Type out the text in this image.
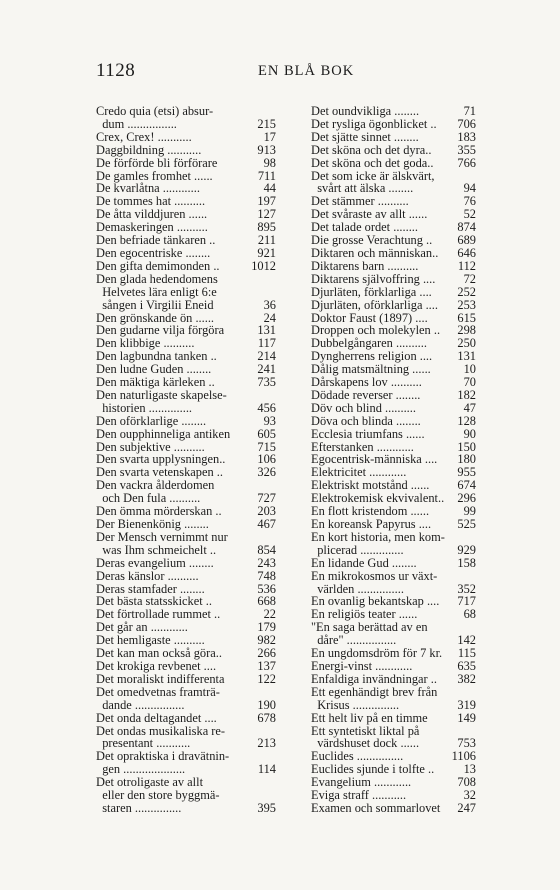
1128	EN BLÅ BOK
Credo quia (etsi) absur-
dum ................	215
Crex, Crex! ...........	17
Daggbildning ...........	913
De förförde bli förförare	98
De gamles fromhet ......	711
De kvarlåtna ............	44
De tommes hat ..........	197
De åtta vilddjuren ......	127
Demaskeringen ..........	895
Den befriade tänkaren ..	211
Den egocentriske ........	921
Den gifta demimonden ..	1012
Den glada hedendomens
Helvetes lära enligt 6:e
sången i Virgilii Eneid	36
Den grönskande ön ......	24
Den gudarne vilja förgöra	131
Den klibbige ..........	117
Den lagbundna tanken ..	214
Den ludne Guden ........	241
Den mäktiga kärleken ..	735
Den naturligaste skapelse-
historien ..............	456
Den oförklarlige ........	93
Den oupphinneliga antiken	605
Den subjektive ..........	715
Den svarta upplysningen..	106
Den svarta vetenskapen ..	326
Den vackra ålderdomen
och Den fula ..........	727
Den ömma mörderskan ..	203
Der Bienenkönig ........	467
Der Mensch vernimmt nur
was Ihm schmeichelt ..	854
Deras evangelium ........	243
Deras känslor ..........	748
Deras stamfader ........	536
Det bästa statsskicket ..	668
Det förtrollade rummet ..	22
Det går an ............	179
Det hemligaste ..........	982
Det kan man också göra..	266
Det krokiga revbenet ....	137
Det moraliskt indifferenta	122
Det omedvetnas framträ-
dande ................	190
Det onda deltagandet ....	678
Det ondas musikaliska re-
presentant ...........	213
Det opraktiska i dravätnin-
gen ....................	114
Det otroligaste av allt
eller den store byggmä-
staren ...............	395
Det oundvikliga ........	71
Det rysliga ögonblicket ..	706
Det sjätte sinnet ........	183
Det sköna och det dyra..	355
Det sköna och det goda..	766
Det som icke är älskvärt,
svårt att älska ........	94
Det stämmer ..........	76
Det svåraste av allt ......	52
Det talade ordet ........	874
Die grosse Verachtung ..	689
Diktaren och människan..	646
Diktarens barn ..........	112
Diktarens självoffring ....	72
Djurläten, förklarliga ....	252
Djurläten, oförklarliga ....	253
Doktor Faust (1897) ....	615
Droppen och molekylen ..	298
Dubbelgångaren ..........	250
Dyngherrens religion ....	131
Dålig matsmältning ......	10
Dårskapens lov ..........	70
Dödade reverser ........	182
Döv och blind ..........	47
Döva och blinda ........	128
Ecclesia triumfans ......	90
Efterstanken ............	150
Egocentrisk-människa ....	180
Elektricitet ............	955
Elektriskt motstånd ......	674
Elektrokemisk ekvivalent..	296
En flott kristendom ......	99
En koreansk Papyrus ....	525
En kort historia, men kom-
plicerad ..............	929
En lidande Gud ........	158
En mikrokosmos ur växt-
världen ...............	352
En ovanlig bekantskap ....	717
En religiös teater ......	68
"En saga berättad av en
dåre" ................	142
En ungdomsdröm för 7 kr.	115
Energi-vinst ............	635
Enfaldiga invändningar ..	382
Ett egenhändigt brev från
Krisus ...............	319
Ett helt liv på en timme	149
Ett syntetiskt liktal på
värdshuset dock ......	753
Euclides ...............	1106
Euclides sjunde i tolfte ..	13
Evangelium ............	708
Evigа straff ...........	32
Examen och sommarlovet	247
